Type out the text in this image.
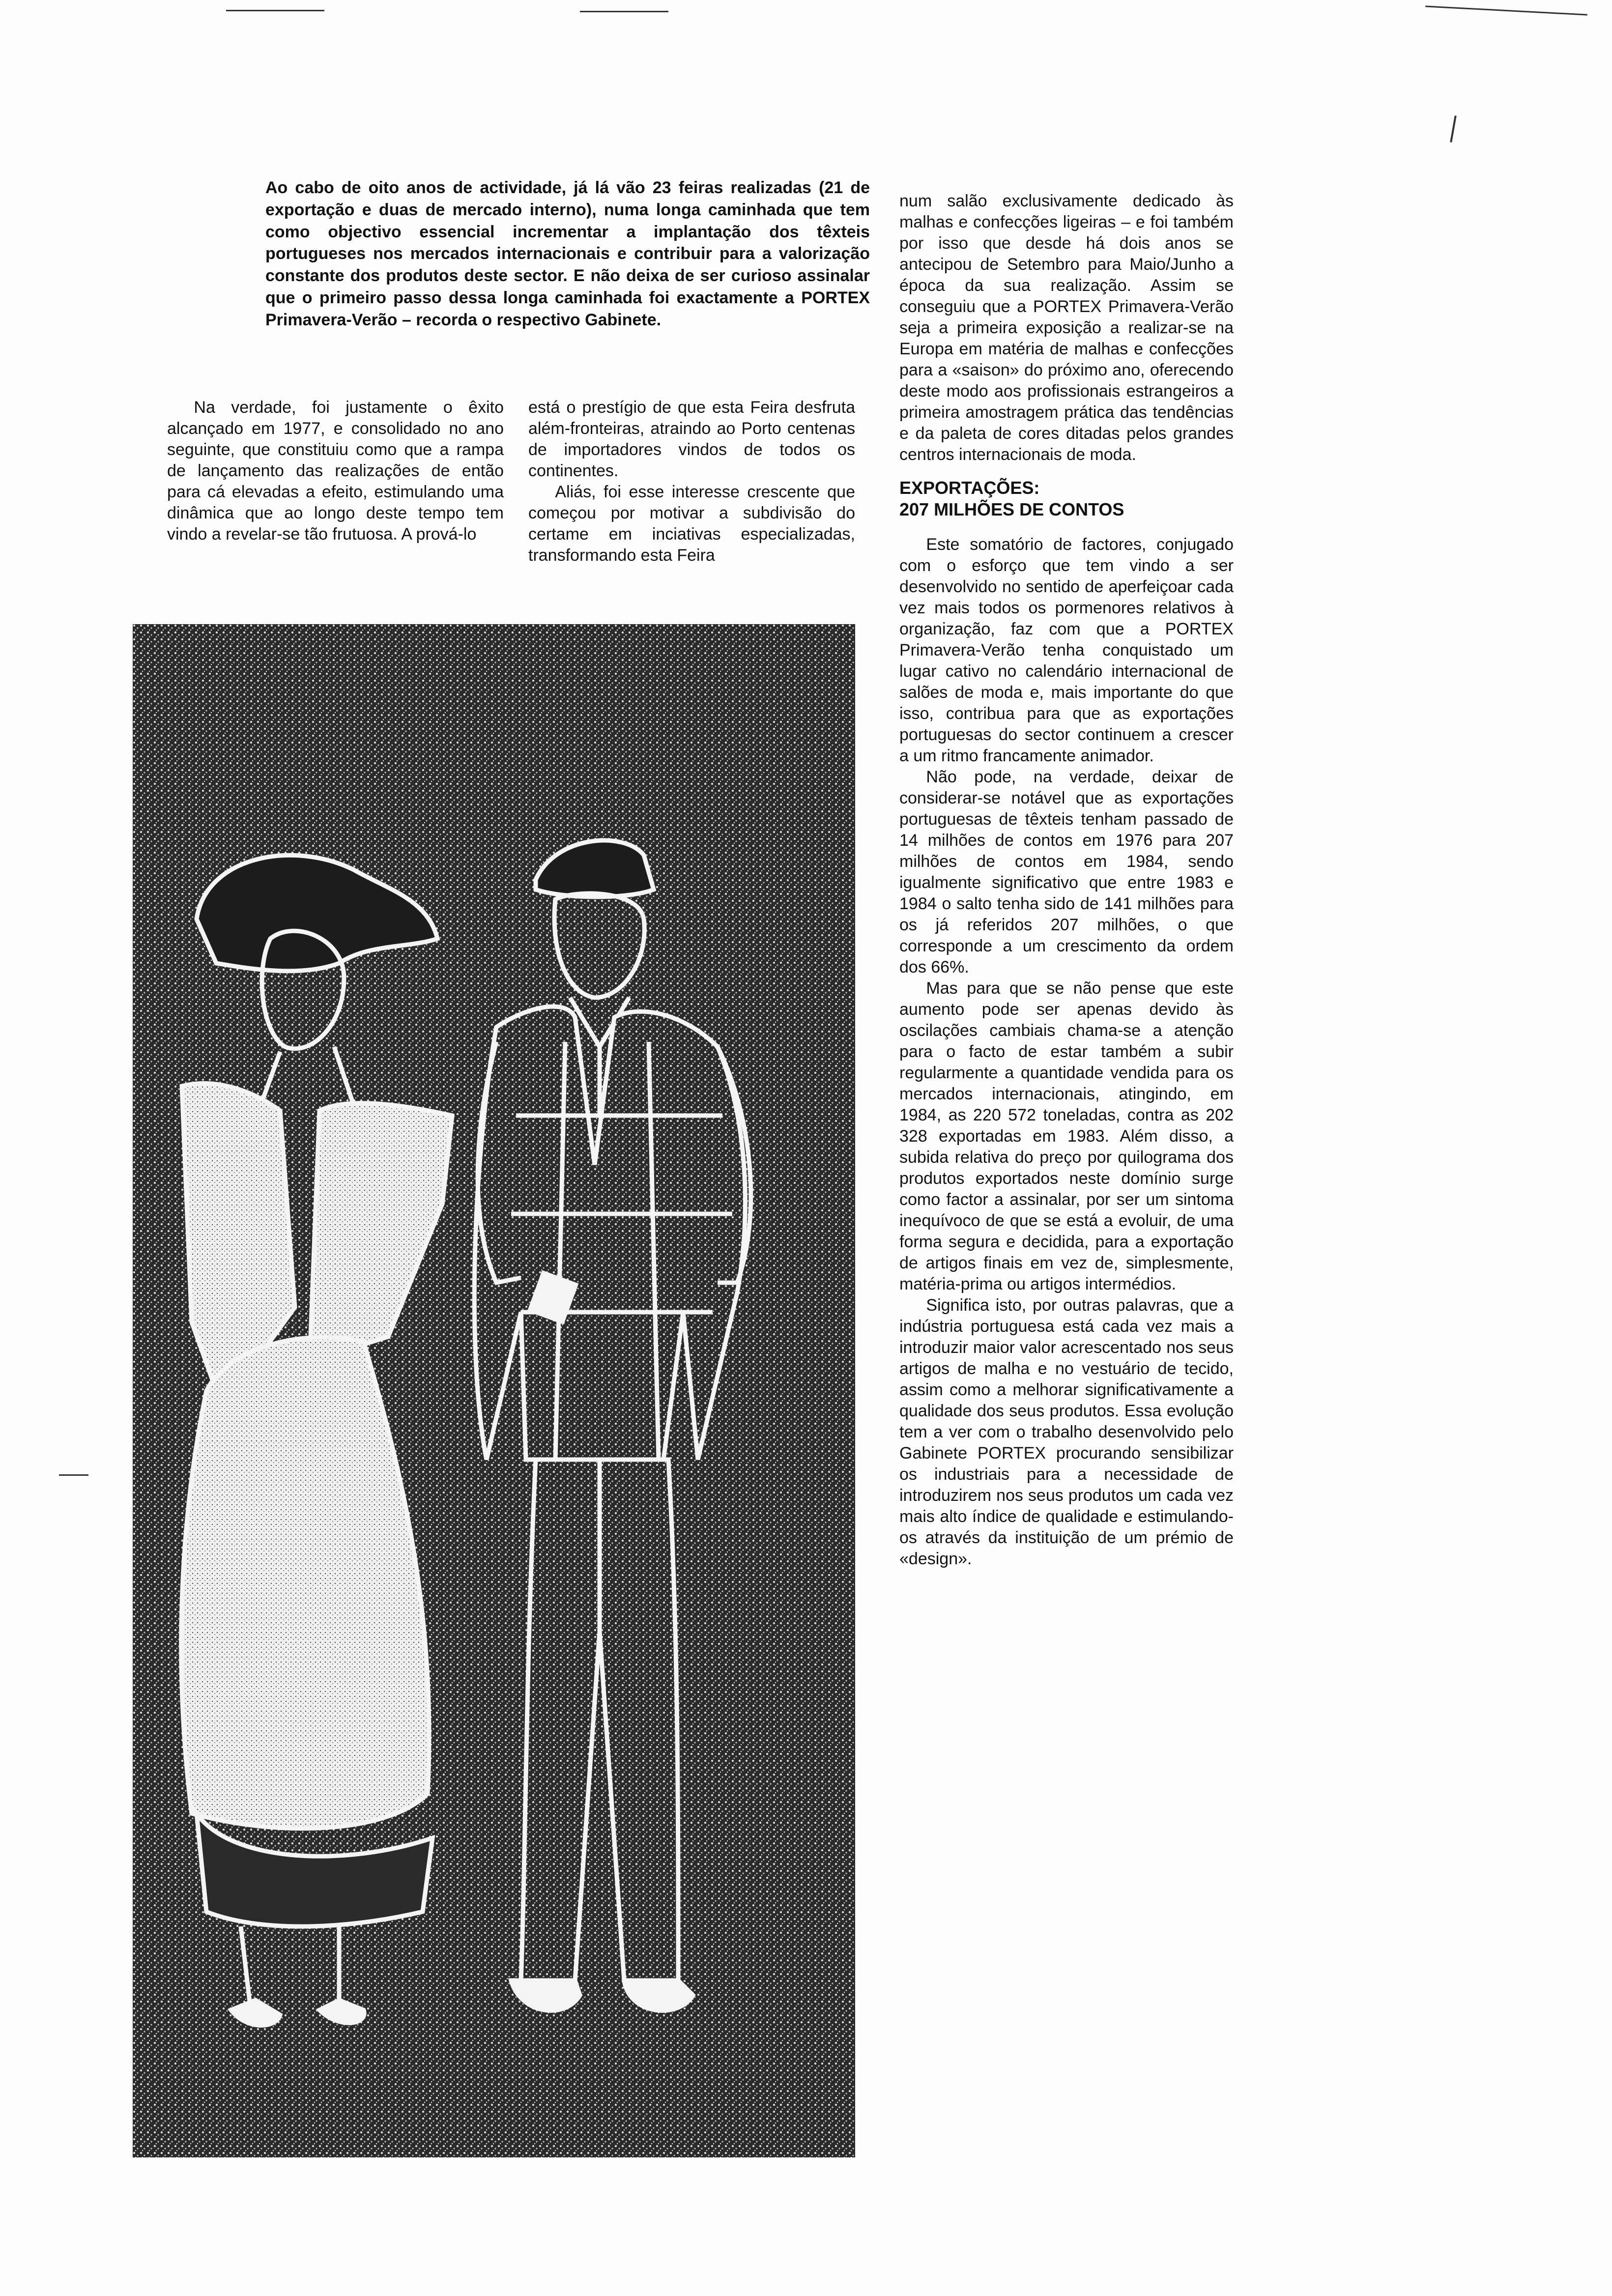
Ao cabo de oito anos de actividade, já lá vão 23 feiras realizadas (21 de exportação e duas de mercado interno), numa longa caminhada que tem como objectivo essencial incrementar a implantação dos têxteis portugueses nos mercados internacionais e contribuir para a valorização constante dos produtos deste sector. E não deixa de ser curioso assinalar que o primeiro passo dessa longa caminhada foi exactamente a PORTEX Primavera-Verão – recorda o respectivo Gabinete.

Na verdade, foi justamente o êxito alcançado em 1977, e consolidado no ano seguinte, que constituiu como que a rampa de lançamento das realizações de então para cá elevadas a efeito, estimulando uma dinâmica que ao longo deste tempo tem vindo a revelar-se tão frutuosa. A prová-lo

está o prestígio de que esta Feira desfruta além-fronteiras, atraindo ao Porto centenas de importadores vindos de todos os continentes.

Aliás, foi esse interesse crescente que começou por motivar a subdivisão do certame em inciativas especializadas, transformando esta Feira

num salão exclusivamente dedicado às malhas e confecções ligeiras – e foi também por isso que desde há dois anos se antecipou de Setembro para Maio/Junho a época da sua realização. Assim se conseguiu que a PORTEX Primavera-Verão seja a primeira exposição a realizar-se na Europa em matéria de malhas e confecções para a «saison» do próximo ano, oferecendo deste modo aos profissionais estrangeiros a primeira amostragem prática das tendências e da paleta de cores ditadas pelos grandes centros internacionais de moda.

EXPORTAÇÕES:
207 MILHÕES DE CONTOS

Este somatório de factores, conjugado com o esforço que tem vindo a ser desenvolvido no sentido de aperfeiçoar cada vez mais todos os pormenores relativos à organização, faz com que a PORTEX Primavera-Verão tenha conquistado um lugar cativo no calendário internacional de salões de moda e, mais importante do que isso, contribua para que as exportações portuguesas do sector continuem a crescer a um ritmo francamente animador.

Não pode, na verdade, deixar de considerar-se notável que as exportações portuguesas de têxteis tenham passado de 14 milhões de contos em 1976 para 207 milhões de contos em 1984, sendo igualmente significativo que entre 1983 e 1984 o salto tenha sido de 141 milhões para os já referidos 207 milhões, o que corresponde a um crescimento da ordem dos 66%.

Mas para que se não pense que este aumento pode ser apenas devido às oscilações cambiais chama-se a atenção para o facto de estar também a subir regularmente a quantidade vendida para os mercados internacionais, atingindo, em 1984, as 220 572 toneladas, contra as 202 328 exportadas em 1983. Além disso, a subida relativa do preço por quilograma dos produtos exportados neste domínio surge como factor a assinalar, por ser um sintoma inequívoco de que se está a evoluir, de uma forma segura e decidida, para a exportação de artigos finais em vez de, simplesmente, matéria-prima ou artigos intermédios.

Significa isto, por outras palavras, que a indústria portuguesa está cada vez mais a introduzir maior valor acrescentado nos seus artigos de malha e no vestuário de tecido, assim como a melhorar significativamente a qualidade dos seus produtos. Essa evolução tem a ver com o trabalho desenvolvido pelo Gabinete PORTEX procurando sensibilizar os industriais para a necessidade de introduzirem nos seus produtos um cada vez mais alto índice de qualidade e estimulando-os através da instituição de um prémio de «design».
